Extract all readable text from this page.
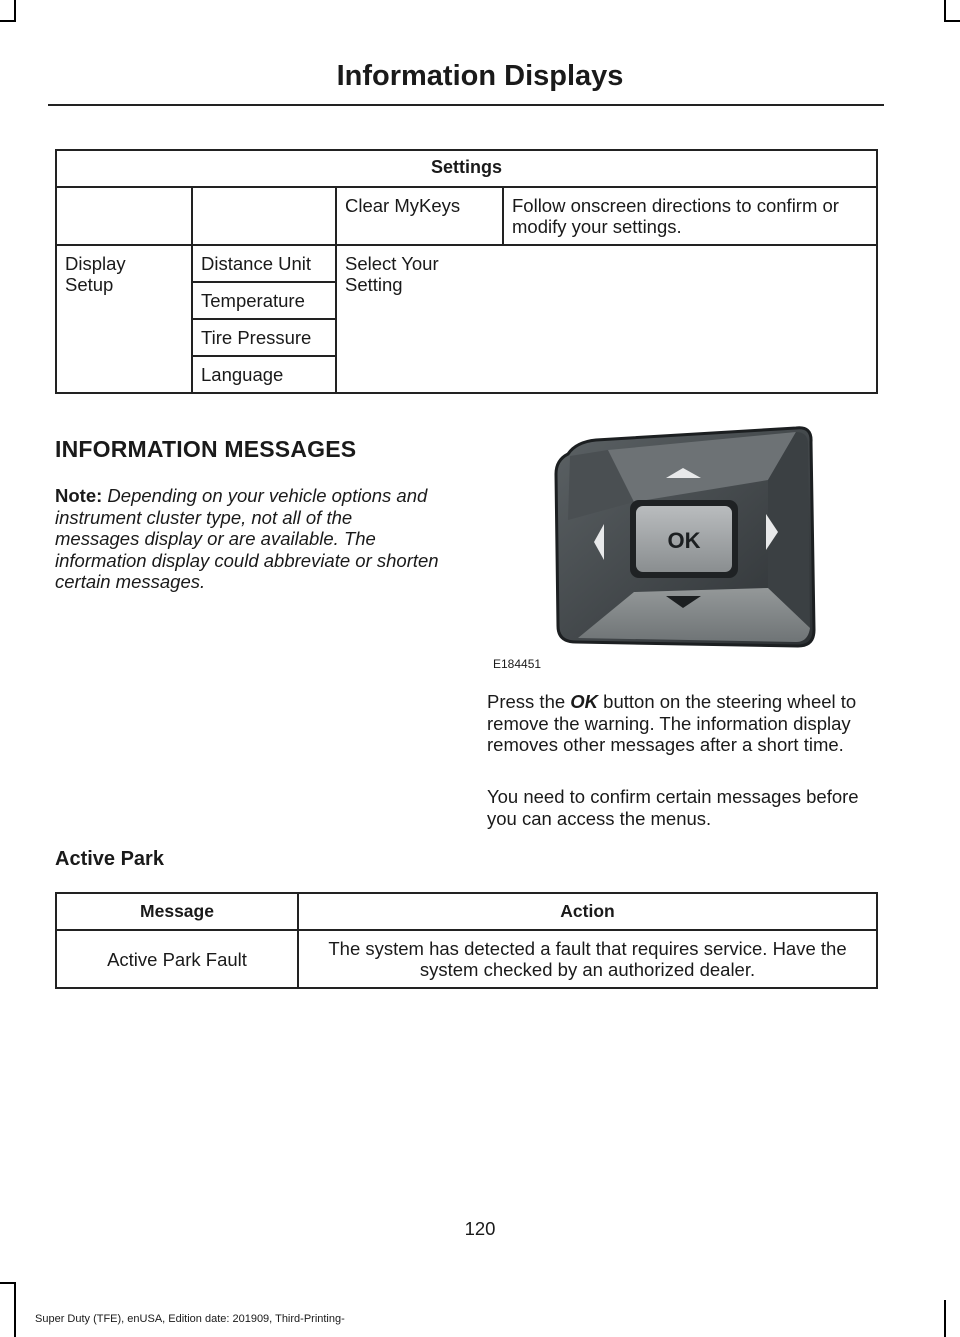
Information Displays
Settings			
		Clear MyKeys	Follow onscreen directions to confirm or modify your settings.
Display Setup	Distance Unit	Select Your Setting	
	Temperature		
	Tire Pressure		
	Language		
INFORMATION MESSAGES
Note: Depending on your vehicle options and instrument cluster type, not all of the messages display or are available. The information display could abbreviate or shorten certain messages.
OK
E184451
Press the OK button on the steering wheel to remove the warning. The information display removes other messages after a short time.
You need to confirm certain messages before you can access the menus.
Active Park
Message	Action
Active Park Fault	The system has detected a fault that requires service. Have the system checked by an authorized dealer.
120
Super Duty (TFE), enUSA, Edition date: 201909, Third-Printing-
